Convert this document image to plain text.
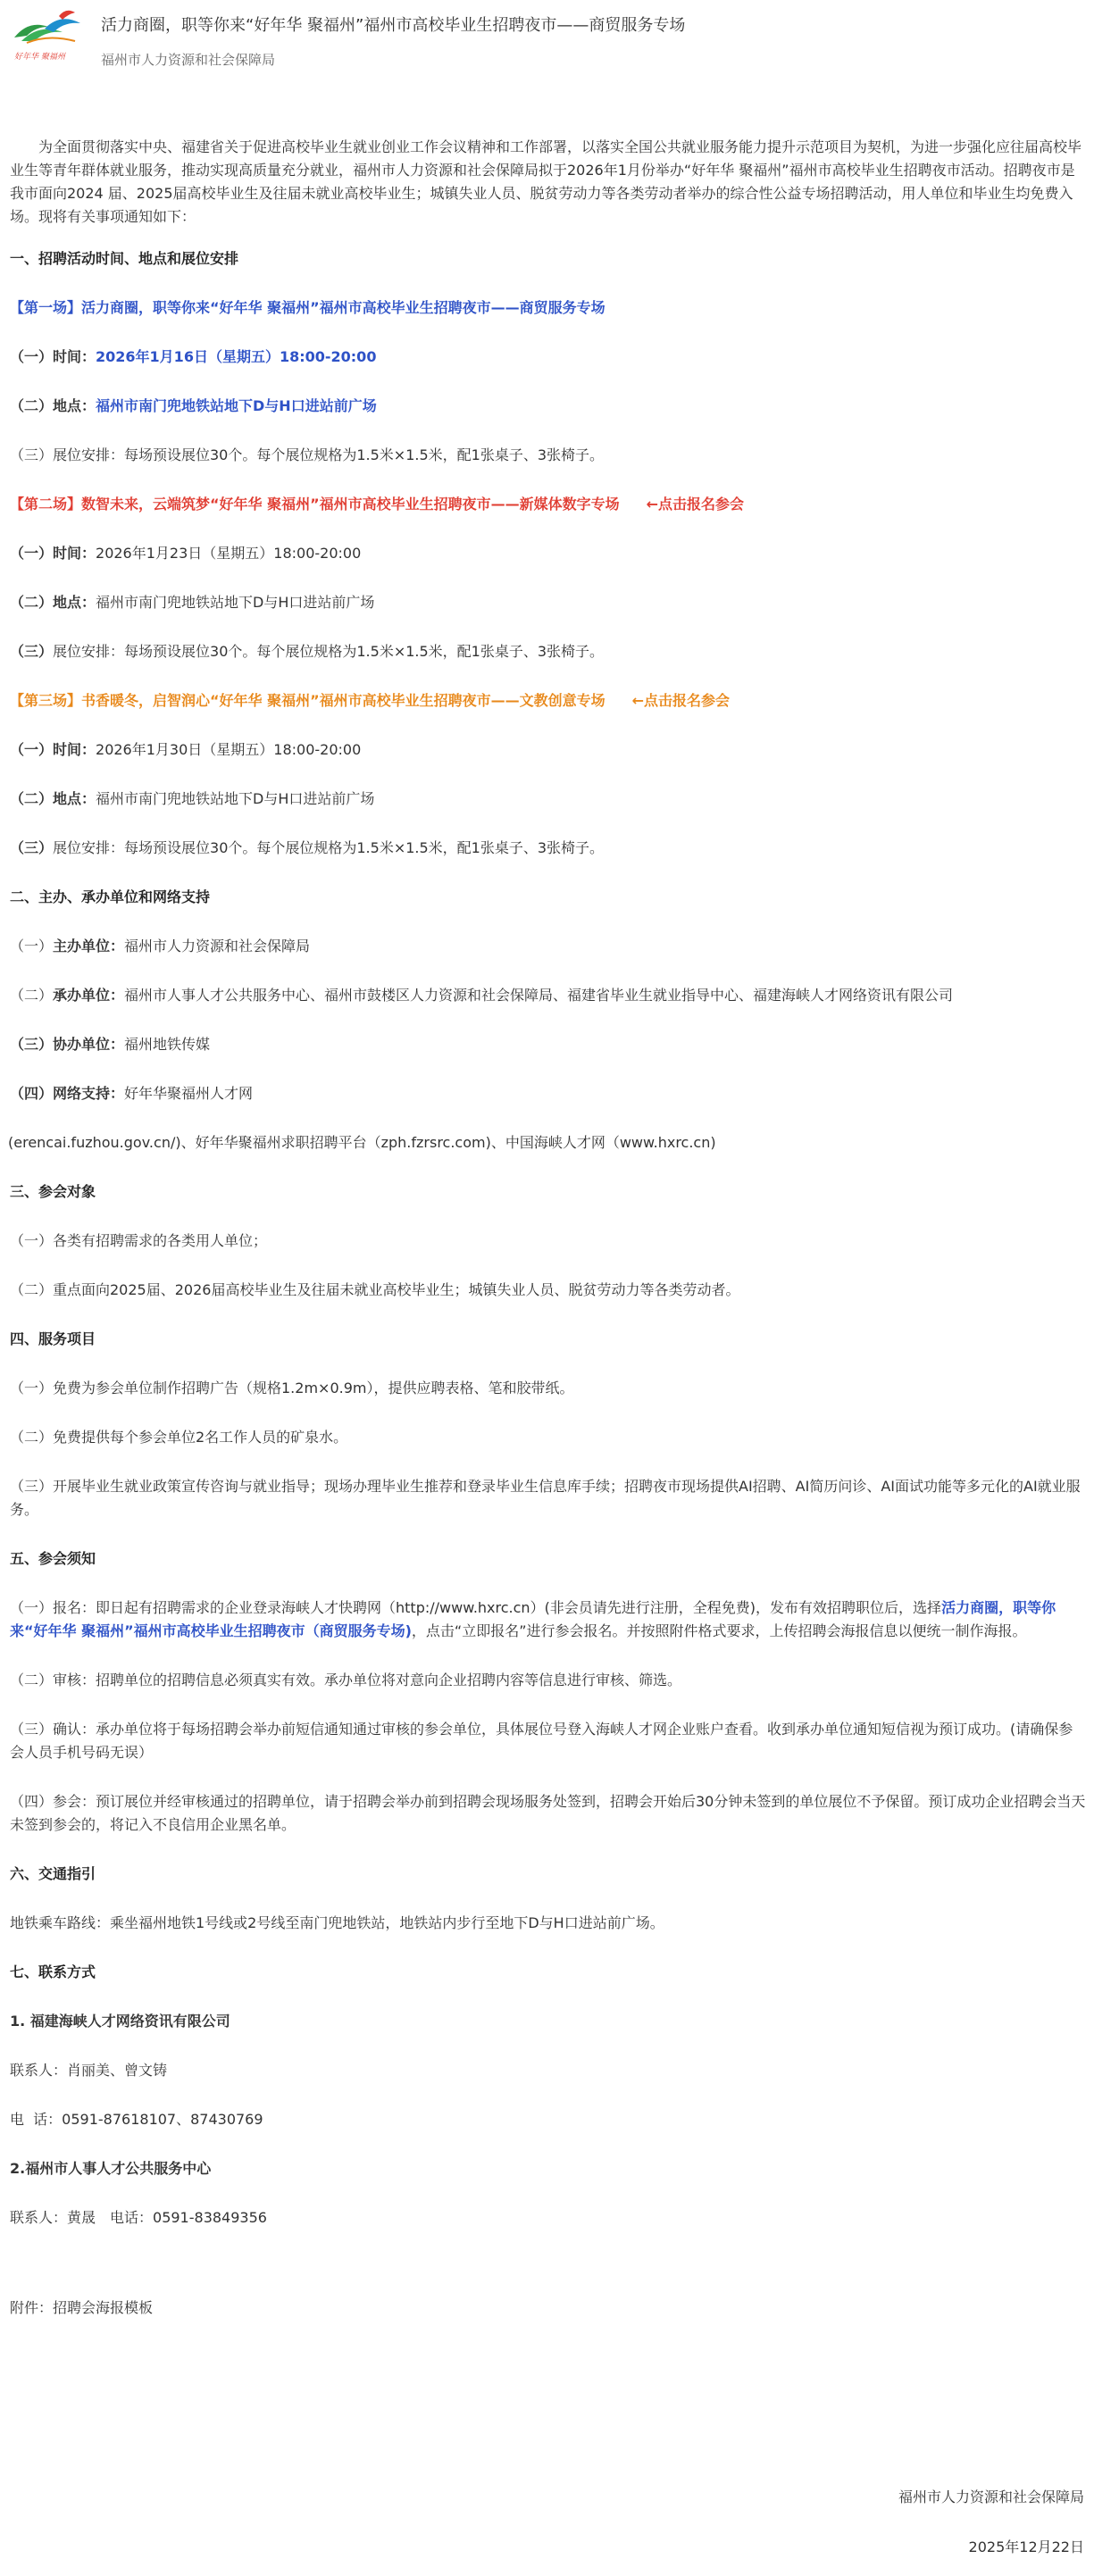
好年华 聚福州
活力商圈，职等你来“好年华 聚福州”福州市高校毕业生招聘夜市——商贸服务专场
福州市人力资源和社会保障局

为全面贯彻落实中央、福建省关于促进高校毕业生就业创业工作会议精神和工作部署，以落实全国公共就业服务能力提升示范项目为契机，为进一步强化应往届高校毕业生等青年群体就业服务，推动实现高质量充分就业，福州市人力资源和社会保障局拟于2026年1月份举办“好年华 聚福州”福州市高校毕业生招聘夜市活动。招聘夜市是我市面向2024 届、2025届高校毕业生及往届未就业高校毕业生；城镇失业人员、脱贫劳动力等各类劳动者举办的综合性公益专场招聘活动，用人单位和毕业生均免费入场。现将有关事项通知如下：

一、招聘活动时间、地点和展位安排

【第一场】活力商圈，职等你来“好年华 聚福州”福州市高校毕业生招聘夜市——商贸服务专场

（一）时间：2026年1月16日（星期五）18:00-20:00

（二）地点：福州市南门兜地铁站地下D与H口进站前广场

（三）展位安排：每场预设展位30个。每个展位规格为1.5米×1.5米，配1张桌子、3张椅子。

【第二场】数智未来，云端筑梦“好年华 聚福州”福州市高校毕业生招聘夜市——新媒体数字专场 ←点击报名参会

（一）时间：2026年1月23日（星期五）18:00-20:00

（二）地点：福州市南门兜地铁站地下D与H口进站前广场

（三）展位安排：每场预设展位30个。每个展位规格为1.5米×1.5米，配1张桌子、3张椅子。

【第三场】书香暖冬，启智润心“好年华 聚福州”福州市高校毕业生招聘夜市——文教创意专场 ←点击报名参会

（一）时间：2026年1月30日（星期五）18:00-20:00

（二）地点：福州市南门兜地铁站地下D与H口进站前广场

（三）展位安排：每场预设展位30个。每个展位规格为1.5米×1.5米，配1张桌子、3张椅子。

二、主办、承办单位和网络支持

（一）主办单位：福州市人力资源和社会保障局

（二）承办单位：福州市人事人才公共服务中心、福州市鼓楼区人力资源和社会保障局、福建省毕业生就业指导中心、福建海峡人才网络资讯有限公司

（三）协办单位：福州地铁传媒

（四）网络支持：好年华聚福州人才网

(erencai.fuzhou.gov.cn/)、好年华聚福州求职招聘平台（zph.fzrsrc.com)、中国海峡人才网（www.hxrc.cn)

三、参会对象

（一）各类有招聘需求的各类用人单位；

（二）重点面向2025届、2026届高校毕业生及往届未就业高校毕业生；城镇失业人员、脱贫劳动力等各类劳动者。

四、服务项目

（一）免费为参会单位制作招聘广告（规格1.2m×0.9m），提供应聘表格、笔和胶带纸。

（二）免费提供每个参会单位2名工作人员的矿泉水。

（三）开展毕业生就业政策宣传咨询与就业指导；现场办理毕业生推荐和登录毕业生信息库手续；招聘夜市现场提供AI招聘、AI简历问诊、AI面试功能等多元化的AI就业服务。

五、参会须知

（一）报名：即日起有招聘需求的企业登录海峡人才快聘网（http://www.hxrc.cn）(非会员请先进行注册，全程免费)，发布有效招聘职位后，选择活力商圈，职等你来“好年华 聚福州”福州市高校毕业生招聘夜市（商贸服务专场)，点击“立即报名”进行参会报名。并按照附件格式要求，上传招聘会海报信息以便统一制作海报。

（二）审核：招聘单位的招聘信息必须真实有效。承办单位将对意向企业招聘内容等信息进行审核、筛选。

（三）确认：承办单位将于每场招聘会举办前短信通知通过审核的参会单位，具体展位号登入海峡人才网企业账户查看。收到承办单位通知短信视为预订成功。(请确保参会人员手机号码无误）

（四）参会：预订展位并经审核通过的招聘单位，请于招聘会举办前到招聘会现场服务处签到，招聘会开始后30分钟未签到的单位展位不予保留。预订成功企业招聘会当天未签到参会的，将记入不良信用企业黑名单。

六、交通指引

地铁乘车路线：乘坐福州地铁1号线或2号线至南门兜地铁站，地铁站内步行至地下D与H口进站前广场。

七、联系方式

1. 福建海峡人才网络资讯有限公司

联系人：肖丽美、曾文铸

电  话：0591-87618107、87430769

2.福州市人事人才公共服务中心

联系人：黄晟 电话：0591-83849356

附件：招聘会海报模板

福州市人力资源和社会保障局
2025年12月22日
